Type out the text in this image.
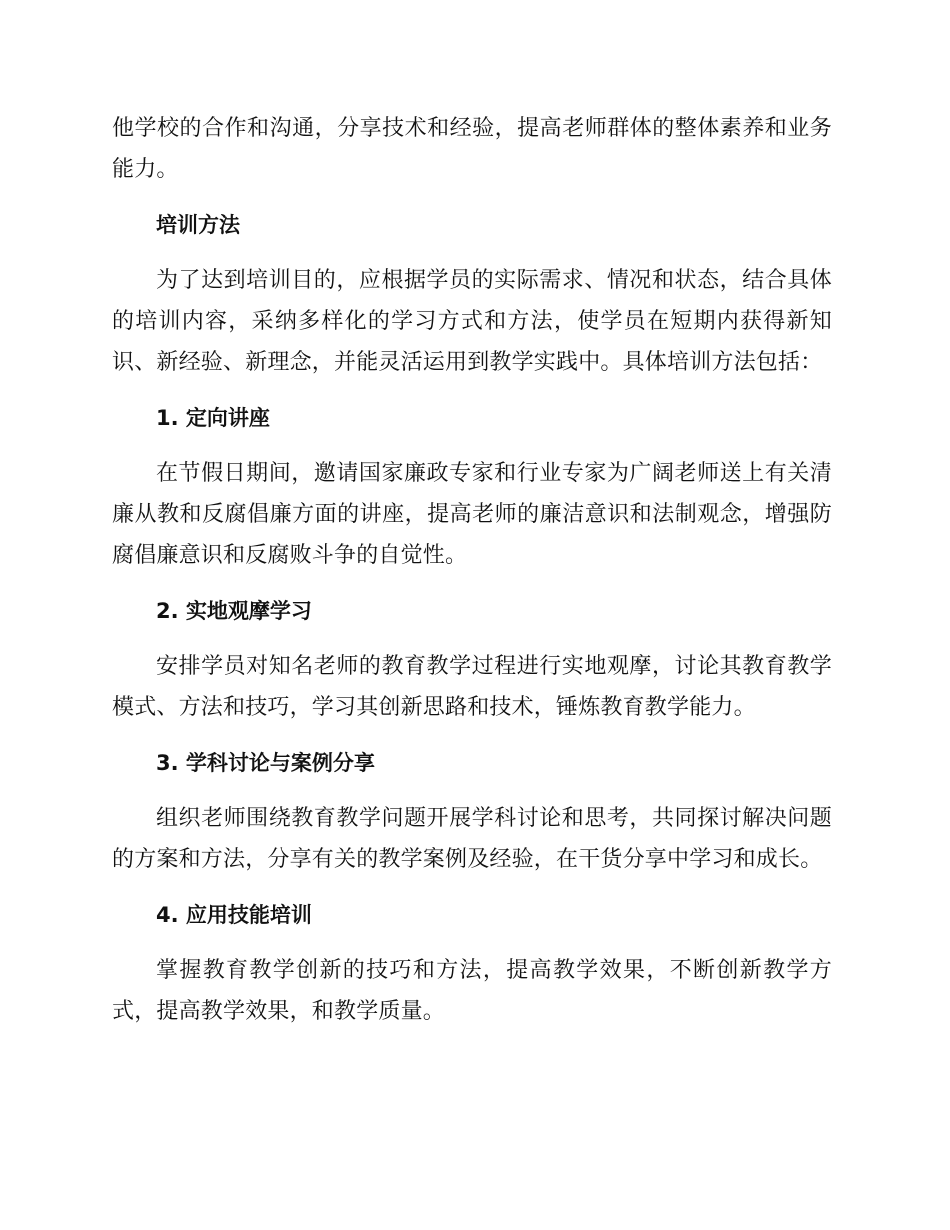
他学校的合作和沟通，分享技术和经验，提高老师群体的整体素养和业务能力。

培训方法

为了达到培训目的，应根据学员的实际需求、情况和状态，结合具体的培训内容，采纳多样化的学习方式和方法，使学员在短期内获得新知识、新经验、新理念，并能灵活运用到教学实践中。具体培训方法包括：

1. 定向讲座

在节假日期间，邀请国家廉政专家和行业专家为广阔老师送上有关清廉从教和反腐倡廉方面的讲座，提高老师的廉洁意识和法制观念，增强防腐倡廉意识和反腐败斗争的自觉性。

2. 实地观摩学习

安排学员对知名老师的教育教学过程进行实地观摩，讨论其教育教学模式、方法和技巧，学习其创新思路和技术，锤炼教育教学能力。

3. 学科讨论与案例分享

组织老师围绕教育教学问题开展学科讨论和思考，共同探讨解决问题的方案和方法，分享有关的教学案例及经验，在干货分享中学习和成长。

4. 应用技能培训

掌握教育教学创新的技巧和方法，提高教学效果，不断创新教学方式，提高教学效果，和教学质量。
